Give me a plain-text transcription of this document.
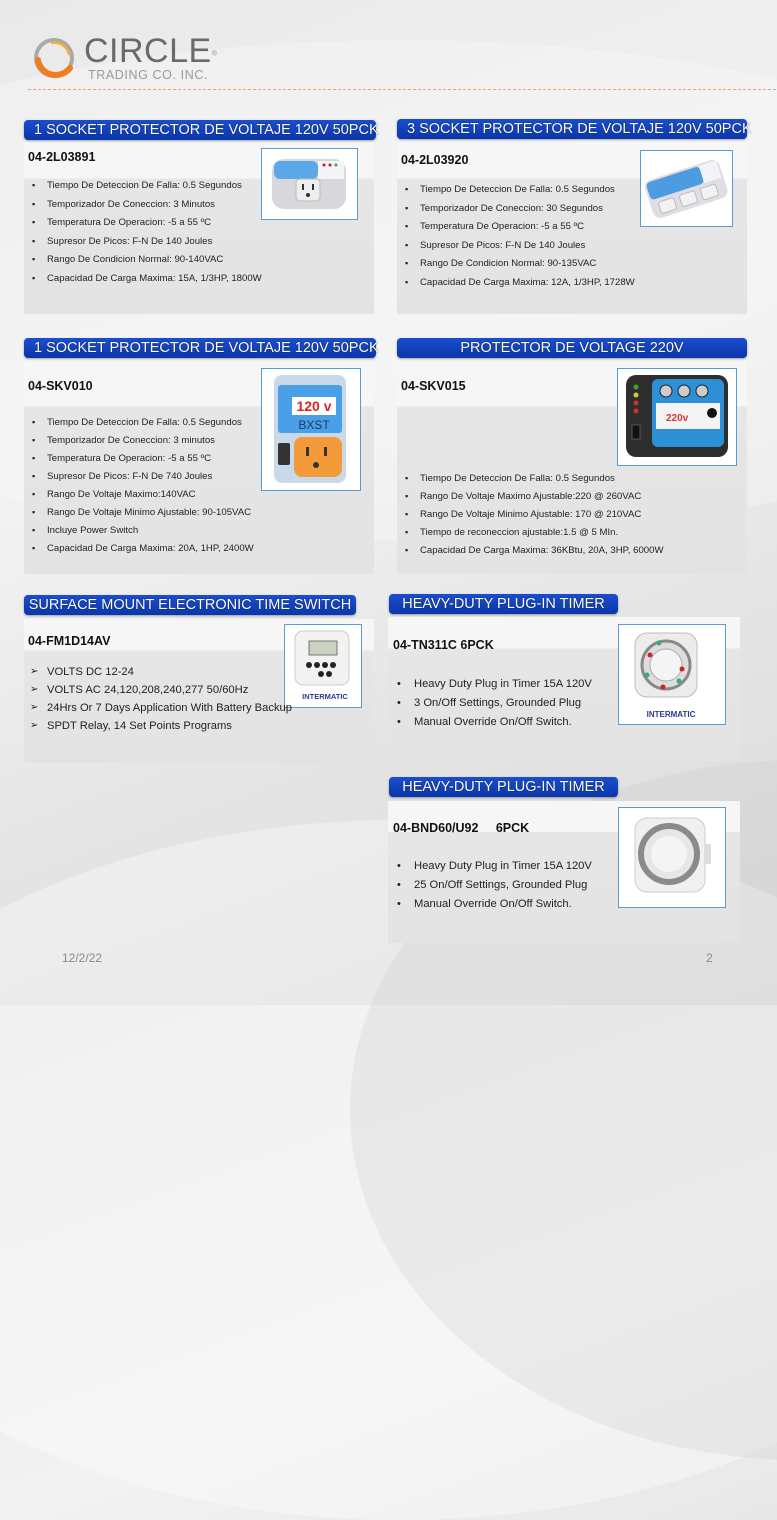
CIRCLE®
TRADING CO. INC.
1 SOCKET PROTECTOR DE VOLTAJE 120V 50PCK
04-2L03891
▪ Tiempo De Deteccion De Falla: 0.5 Segundos
▪ Temporizador De Coneccion: 3 Minutos
▪ Temperatura De Operacion: -5 a 55 ºC
▪ Supresor De Picos: F-N De 140 Joules
▪ Rango De Condicion Normal: 90-140VAC
▪ Capacidad De Carga Maxima: 15A, 1/3HP, 1800W
3 SOCKET PROTECTOR DE VOLTAJE 120V 50PCK
04-2L03920
▪ Tiempo De Deteccion De Falla: 0.5 Segundos
▪ Temporizador De Coneccion: 30 Segundos
▪ Temperatura De Operacion: -5 a 55 ºC
▪ Supresor De Picos: F-N De 140 Joules
▪ Rango De Condicion Normal: 90-135VAC
▪ Capacidad De Carga Maxima: 12A, 1/3HP, 1728W
1 SOCKET PROTECTOR DE VOLTAJE 120V 50PCK
04-SKV010
120 v
BXST
▪ Tiempo De Deteccion De Falla: 0.5 Segundos
▪ Temporizador De Coneccion: 3 minutos
▪ Temperatura De Operacion: -5 a 55 ºC
▪ Supresor De Picos: F-N De 740 Joules
▪ Rango De Voltaje Maximo:140VAC
▪ Rango De Voltaje Minimo Ajustable: 90-105VAC
▪ Incluye Power Switch
▪ Capacidad De Carga Maxima: 20A, 1HP, 2400W
PROTECTOR DE VOLTAGE 220V
04-SKV015
220v
▪ Tiempo De Deteccion De Falla: 0.5 Segundos
▪ Rango De Voltaje Maximo Ajustable:220 @ 260VAC
▪ Rango De Voltaje Minimo Ajustable: 170 @ 210VAC
▪ Tiempo de reconeccion ajustable:1.5 @ 5 MIn.
▪ Capacidad De Carga Maxima: 36KBtu, 20A, 3HP, 6000W
SURFACE MOUNT ELECTRONIC TIME SWITCH
04-FM1D14AV
INTERMATIC
➢ VOLTS DC 12-24
➢ VOLTS AC 24,120,208,240,277 50/60Hz
➢ 24Hrs Or 7 Days Application With Battery Backup
➢ SPDT Relay, 14 Set Points Programs
HEAVY-DUTY PLUG-IN TIMER
04-TN311C 6PCK
INTERMATIC
• Heavy Duty Plug in Timer 15A 120V
• 3 On/Off Settings, Grounded Plug
• Manual Override On/Off Switch.
HEAVY-DUTY PLUG-IN TIMER
04-BND60/U92     6PCK
• Heavy Duty Plug in Timer 15A 120V
• 25 On/Off Settings, Grounded Plug
• Manual Override On/Off Switch.
12/2/22	2
